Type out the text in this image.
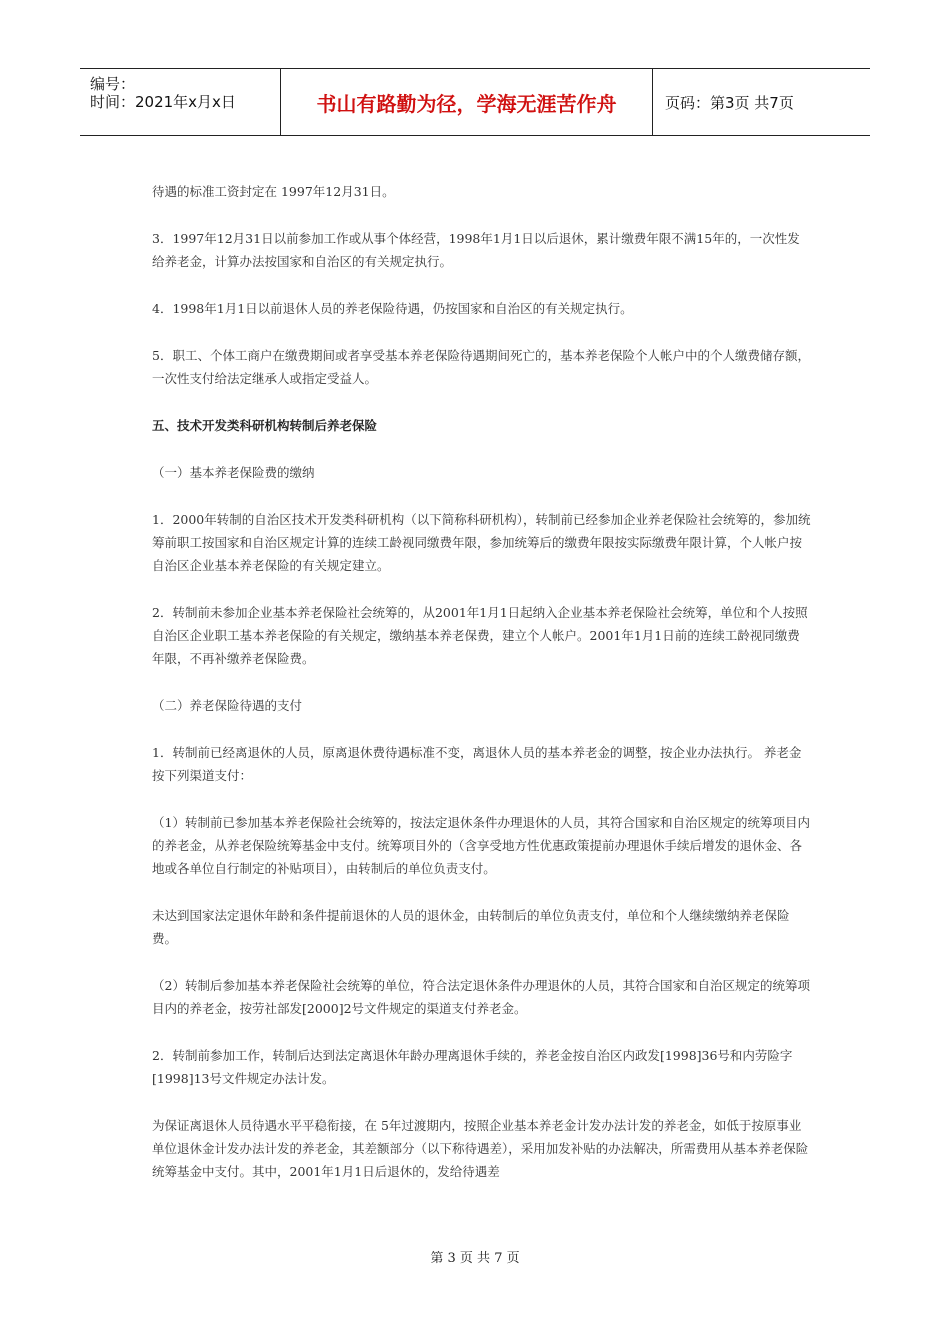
编号：
时间：2021年x月x日	书山有路勤为径，学海无涯苦作舟	页码：第3页 共7页

待遇的标准工资封定在 1997年12月31日。

3．1997年12月31日以前参加工作或从事个体经营，1998年1月1日以后退休，累计缴费年限不满15年的，一次性发给养老金，计算办法按国家和自治区的有关规定执行。

4．1998年1月1日以前退休人员的养老保险待遇，仍按国家和自治区的有关规定执行。

5．职工、个体工商户在缴费期间或者享受基本养老保险待遇期间死亡的，基本养老保险个人帐户中的个人缴费储存额，一次性支付给法定继承人或指定受益人。

五、技术开发类科研机构转制后养老保险

（一）基本养老保险费的缴纳

1．2000年转制的自治区技术开发类科研机构（以下简称科研机构），转制前已经参加企业养老保险社会统筹的，参加统筹前职工按国家和自治区规定计算的连续工龄视同缴费年限，参加统筹后的缴费年限按实际缴费年限计算，个人帐户按自治区企业基本养老保险的有关规定建立。

2．转制前未参加企业基本养老保险社会统筹的，从2001年1月1日起纳入企业基本养老保险社会统筹，单位和个人按照自治区企业职工基本养老保险的有关规定，缴纳基本养老保费，建立个人帐户。2001年1月1日前的连续工龄视同缴费年限，不再补缴养老保险费。

（二）养老保险待遇的支付

1．转制前已经离退休的人员，原离退休费待遇标准不变，离退休人员的基本养老金的调整，按企业办法执行。 养老金按下列渠道支付：

（1）转制前已参加基本养老保险社会统筹的，按法定退休条件办理退休的人员，其符合国家和自治区规定的统筹项目内的养老金，从养老保险统筹基金中支付。统筹项目外的（含享受地方性优惠政策提前办理退休手续后增发的退休金、各地或各单位自行制定的补贴项目），由转制后的单位负责支付。

未达到国家法定退休年龄和条件提前退休的人员的退休金，由转制后的单位负责支付，单位和个人继续缴纳养老保险费。

（2）转制后参加基本养老保险社会统筹的单位，符合法定退休条件办理退休的人员，其符合国家和自治区规定的统筹项目内的养老金，按劳社部发[2000]2号文件规定的渠道支付养老金。

2．转制前参加工作，转制后达到法定离退休年龄办理离退休手续的，养老金按自治区内政发[1998]36号和内劳险字[1998]13号文件规定办法计发。

为保证离退休人员待遇水平平稳衔接，在 5年过渡期内，按照企业基本养老金计发办法计发的养老金，如低于按原事业单位退休金计发办法计发的养老金，其差额部分（以下称待遇差），采用加发补贴的办法解决，所需费用从基本养老保险统筹基金中支付。其中，2001年1月1日后退休的，发给待遇差

第 3 页 共 7 页
